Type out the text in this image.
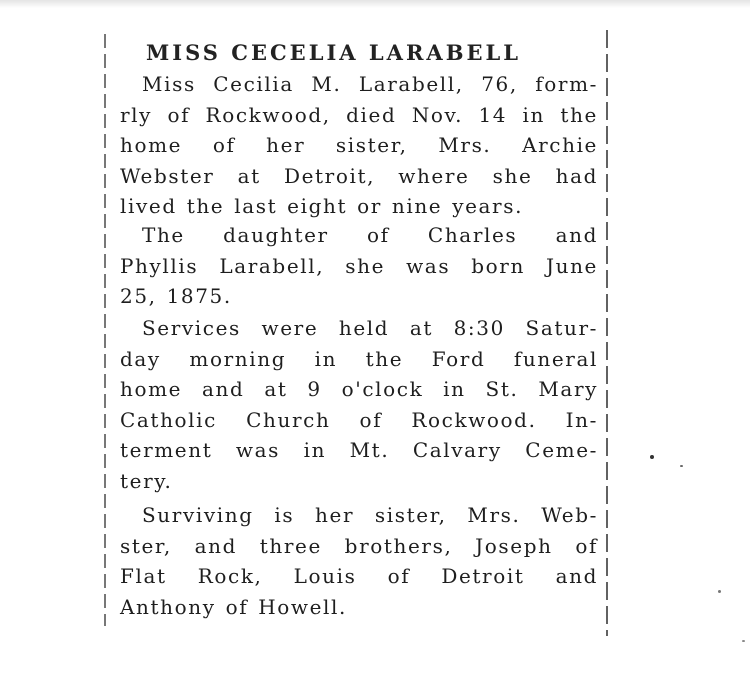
MISS CECELIA LARABELL

Miss Cecilia M. Larabell, 76, form-
rly of Rockwood, died Nov. 14 in the
home of her sister, Mrs. Archie
Webster at Detroit, where she had
lived the last eight or nine years.

The daughter of Charles and
Phyllis Larabell, she was born June
25, 1875.

Services were held at 8:30 Satur-
day morning in the Ford funeral
home and at 9 o'clock in St. Mary
Catholic Church of Rockwood. In-
terment was in Mt. Calvary Ceme-
tery.

Surviving is her sister, Mrs. Web-
ster, and three brothers, Joseph of
Flat Rock, Louis of Detroit and
Anthony of Howell.
